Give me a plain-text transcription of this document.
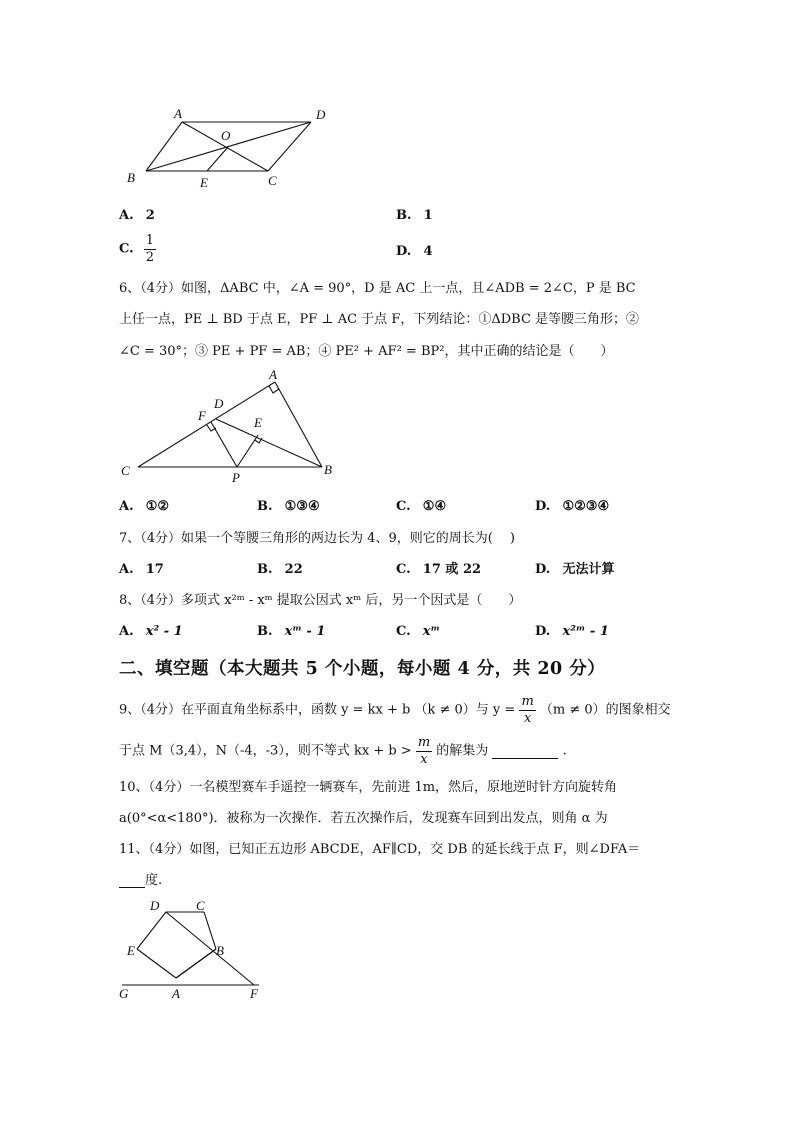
A	D
O
B	E	C
A. 2	B. 1
C. $\frac{1}{2}$	D. 4
6、（4分）如图，ΔABC 中，∠A = 90°，D 是 AC 上一点，且∠ADB = 2∠C，P 是 BC
上任一点，PE ⊥ BD 于点 E，PF ⊥ AC 于点 F，下列结论：①ΔDBC 是等腰三角形；②
∠C = 30°；③ PE + PF = AB；④ PE² + AF² = BP²，其中正确的结论是（　　）
A
D
F	E
C	P
B
A. ①②	B. ①③④	C. ①④	D. ①②③④
7、（4分）如果一个等腰三角形的两边长为 4、9，则它的周长为(　 )
A. 17	B. 22	C. 17 或 22	D. 无法计算
8、（4分）多项式 x²ᵐ - xᵐ 提取公因式 xᵐ 后，另一个因式是（　　）
A. x² - 1	B. xᵐ - 1	C. xᵐ	D. x²ᵐ - 1
二、填空题（本大题共 5 个小题，每小题 4 分，共 20 分）
9、（4分）在平面直角坐标系中，函数 y = kx + b （k ≠ 0）与 $y = \frac{m}{x} (m \ne 0)$的图象相交
于点 M（3,4），N（-4，-3），则不等式 kx + $b > \frac{m}{x}$ 的解集为	.
10、（4分）一名模型赛车手遥控一辆赛车，先前进 1m，然后，原地逆时针方向旋转角
a(0°<α<180°)．被称为一次操作．若五次操作后，发现赛车回到出发点，则角 α 为
11、（4分）如图，已知正五边形 ABCDE，AF∥CD，交 DB 的延长线于点 F，则∠DFA＝
度.
D	C
E	B
G	A	F
